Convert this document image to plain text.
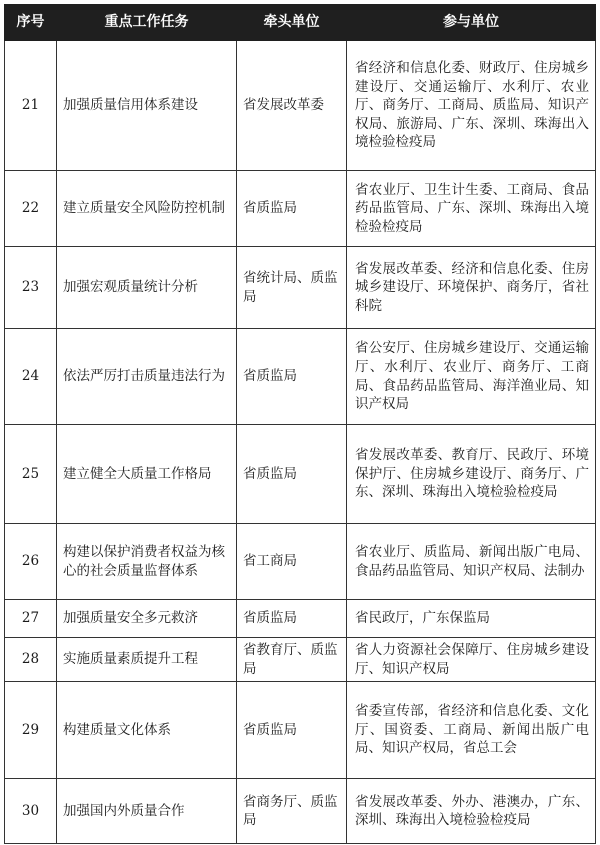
序号	重点工作任务	牵头单位	参与单位
21	加强质量信用体系建设	省发展改革委	省经济和信息化委、财政厅、住房城乡建设厅、交通运输厅、水利厅、农业厅、商务厅、工商局、质监局、知识产权局、旅游局、广东、深圳、珠海出入境检验检疫局
22	建立质量安全风险防控机制	省质监局	省农业厅、卫生计生委、工商局、食品药品监管局、广东、深圳、珠海出入境检验检疫局
23	加强宏观质量统计分析	省统计局、质监局	省发展改革委、经济和信息化委、住房城乡建设厅、环境保护、商务厅，省社科院
24	依法严厉打击质量违法行为	省质监局	省公安厅、住房城乡建设厅、交通运输厅、水利厅、农业厅、商务厅、工商局、食品药品监管局、海洋渔业局、知识产权局
25	建立健全大质量工作格局	省质监局	省发展改革委、教育厅、民政厅、环境保护厅、住房城乡建设厅、商务厅、广东、深圳、珠海出入境检验检疫局
26	构建以保护消费者权益为核心的社会质量监督体系	省工商局	省农业厅、质监局、新闻出版广电局、食品药品监管局、知识产权局、法制办
27	加强质量安全多元救济	省质监局	省民政厅，广东保监局
28	实施质量素质提升工程	省教育厅、质监局	省人力资源社会保障厅、住房城乡建设厅、知识产权局
29	构建质量文化体系	省质监局	省委宣传部，省经济和信息化委、文化厅、国资委、工商局、新闻出版广电局、知识产权局，省总工会
30	加强国内外质量合作	省商务厅、质监局	省发展改革委、外办、港澳办，广东、深圳、珠海出入境检验检疫局
